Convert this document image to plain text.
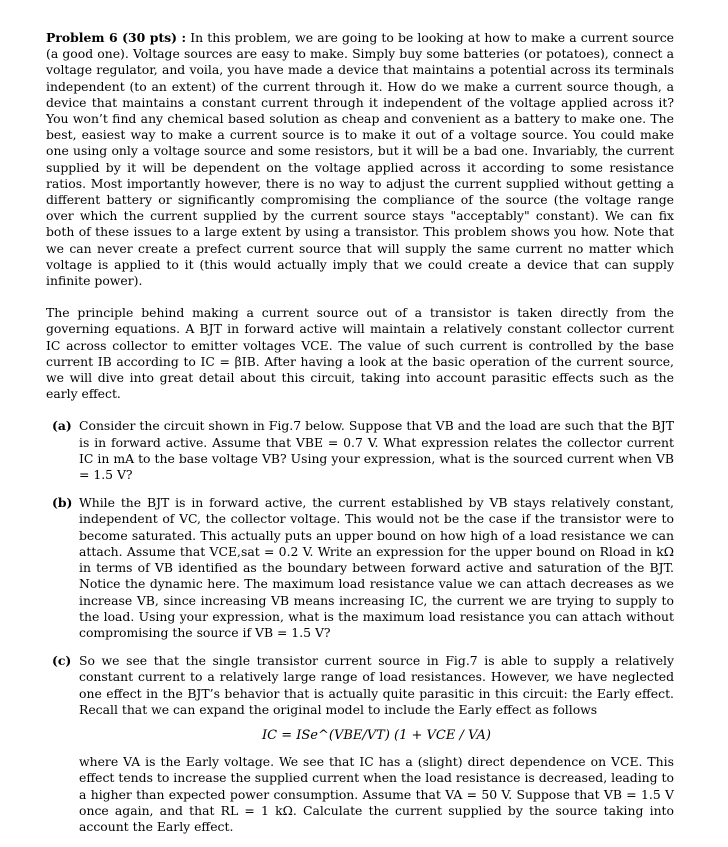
Problem 6 (30 pts) : In this problem, we are going to be looking at how to make a current source (a good one). Voltage sources are easy to make. Simply buy some batteries (or potatoes), connect a voltage regulator, and voila, you have made a device that maintains a potential across its terminals independent (to an extent) of the current through it. How do we make a current source though, a device that maintains a constant current through it independent of the voltage applied across it? You won’t find any chemical based solution as cheap and convenient as a battery to make one. The best, easiest way to make a current source is to make it out of a voltage source. You could make one using only a voltage source and some resistors, but it will be a bad one. Invariably, the current supplied by it will be dependent on the voltage applied across it according to some resistance ratios. Most importantly however, there is no way to adjust the current supplied without getting a different battery or significantly compromising the compliance of the source (the voltage range over which the current supplied by the current source stays "acceptably" constant). We can fix both of these issues to a large extent by using a transistor. This problem shows you how. Note that we can never create a prefect current source that will supply the same current no matter which voltage is applied to it (this would actually imply that we could create a device that can supply infinite power).

The principle behind making a current source out of a transistor is taken directly from the governing equations. A BJT in forward active will maintain a relatively constant collector current IC across collector to emitter voltages VCE. The value of such current is controlled by the base current IB according to IC = βIB. After having a look at the basic operation of the current source, we will dive into great detail about this circuit, taking into account parasitic effects such as the early effect.

(a) Consider the circuit shown in Fig.7 below. Suppose that VB and the load are such that the BJT is in forward active. Assume that VBE = 0.7 V. What expression relates the collector current IC in mA to the base voltage VB? Using your expression, what is the sourced current when VB = 1.5 V?
(b) While the BJT is in forward active, the current established by VB stays relatively constant, independent of VC, the collector voltage. This would not be the case if the transistor were to become saturated. This actually puts an upper bound on how high of a load resistance we can attach. Assume that VCE,sat = 0.2 V. Write an expression for the upper bound on Rload in kΩ in terms of VB identified as the boundary between forward active and saturation of the BJT. Notice the dynamic here. The maximum load resistance value we can attach decreases as we increase VB, since increasing VB means increasing IC, the current we are trying to supply to the load. Using your expression, what is the maximum load resistance you can attach without compromising the source if VB = 1.5 V?
(c) So we see that the single transistor current source in Fig.7 is able to supply a relatively constant current to a relatively large range of load resistances. However, we have neglected one effect in the BJT’s behavior that is actually quite parasitic in this circuit: the Early effect. Recall that we can expand the original model to include the Early effect as follows
IC = ISe^(VBE/VT) (1 + VCE / VA)
where VA is the Early voltage. We see that IC has a (slight) direct dependence on VCE. This effect tends to increase the supplied current when the load resistance is decreased, leading to a higher than expected power consumption. Assume that VA = 50 V. Suppose that VB = 1.5 V once again, and that RL = 1 kΩ. Calculate the current supplied by the source taking into account the Early effect.
